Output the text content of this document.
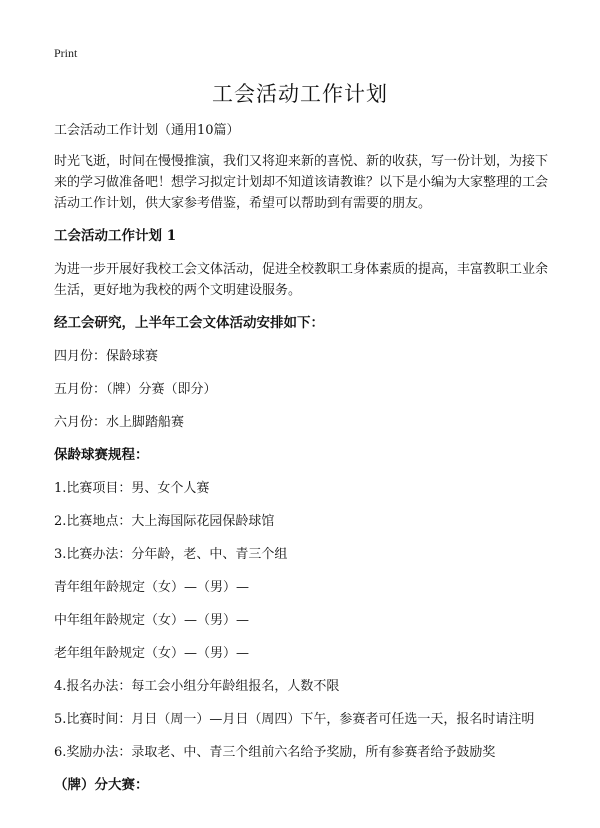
Print
工会活动工作计划
工会活动工作计划（通用10篇）
时光飞逝，时间在慢慢推演，我们又将迎来新的喜悦、新的收获，写一份计划，为接下来的学习做准备吧！想学习拟定计划却不知道该请教谁？以下是小编为大家整理的工会活动工作计划，供大家参考借鉴，希望可以帮助到有需要的朋友。
工会活动工作计划 1
为进一步开展好我校工会文体活动，促进全校教职工身体素质的提高，丰富教职工业余生活，更好地为我校的两个文明建设服务。
经工会研究，上半年工会文体活动安排如下：
四月份：保龄球赛
五月份：（牌）分赛（即分）
六月份：水上脚踏船赛
保龄球赛规程：
1.比赛项目：男、女个人赛
2.比赛地点：大上海国际花园保龄球馆
3.比赛办法：分年龄，老、中、青三个组
青年组年龄规定（女）—（男）—
中年组年龄规定（女）—（男）—
老年组年龄规定（女）—（男）—
4.报名办法：每工会小组分年龄组报名，人数不限
5.比赛时间：月日（周一）—月日（周四）下午，参赛者可任选一天，报名时请注明
6.奖励办法：录取老、中、青三个组前六名给予奖励，所有参赛者给予鼓励奖
（牌）分大赛：
